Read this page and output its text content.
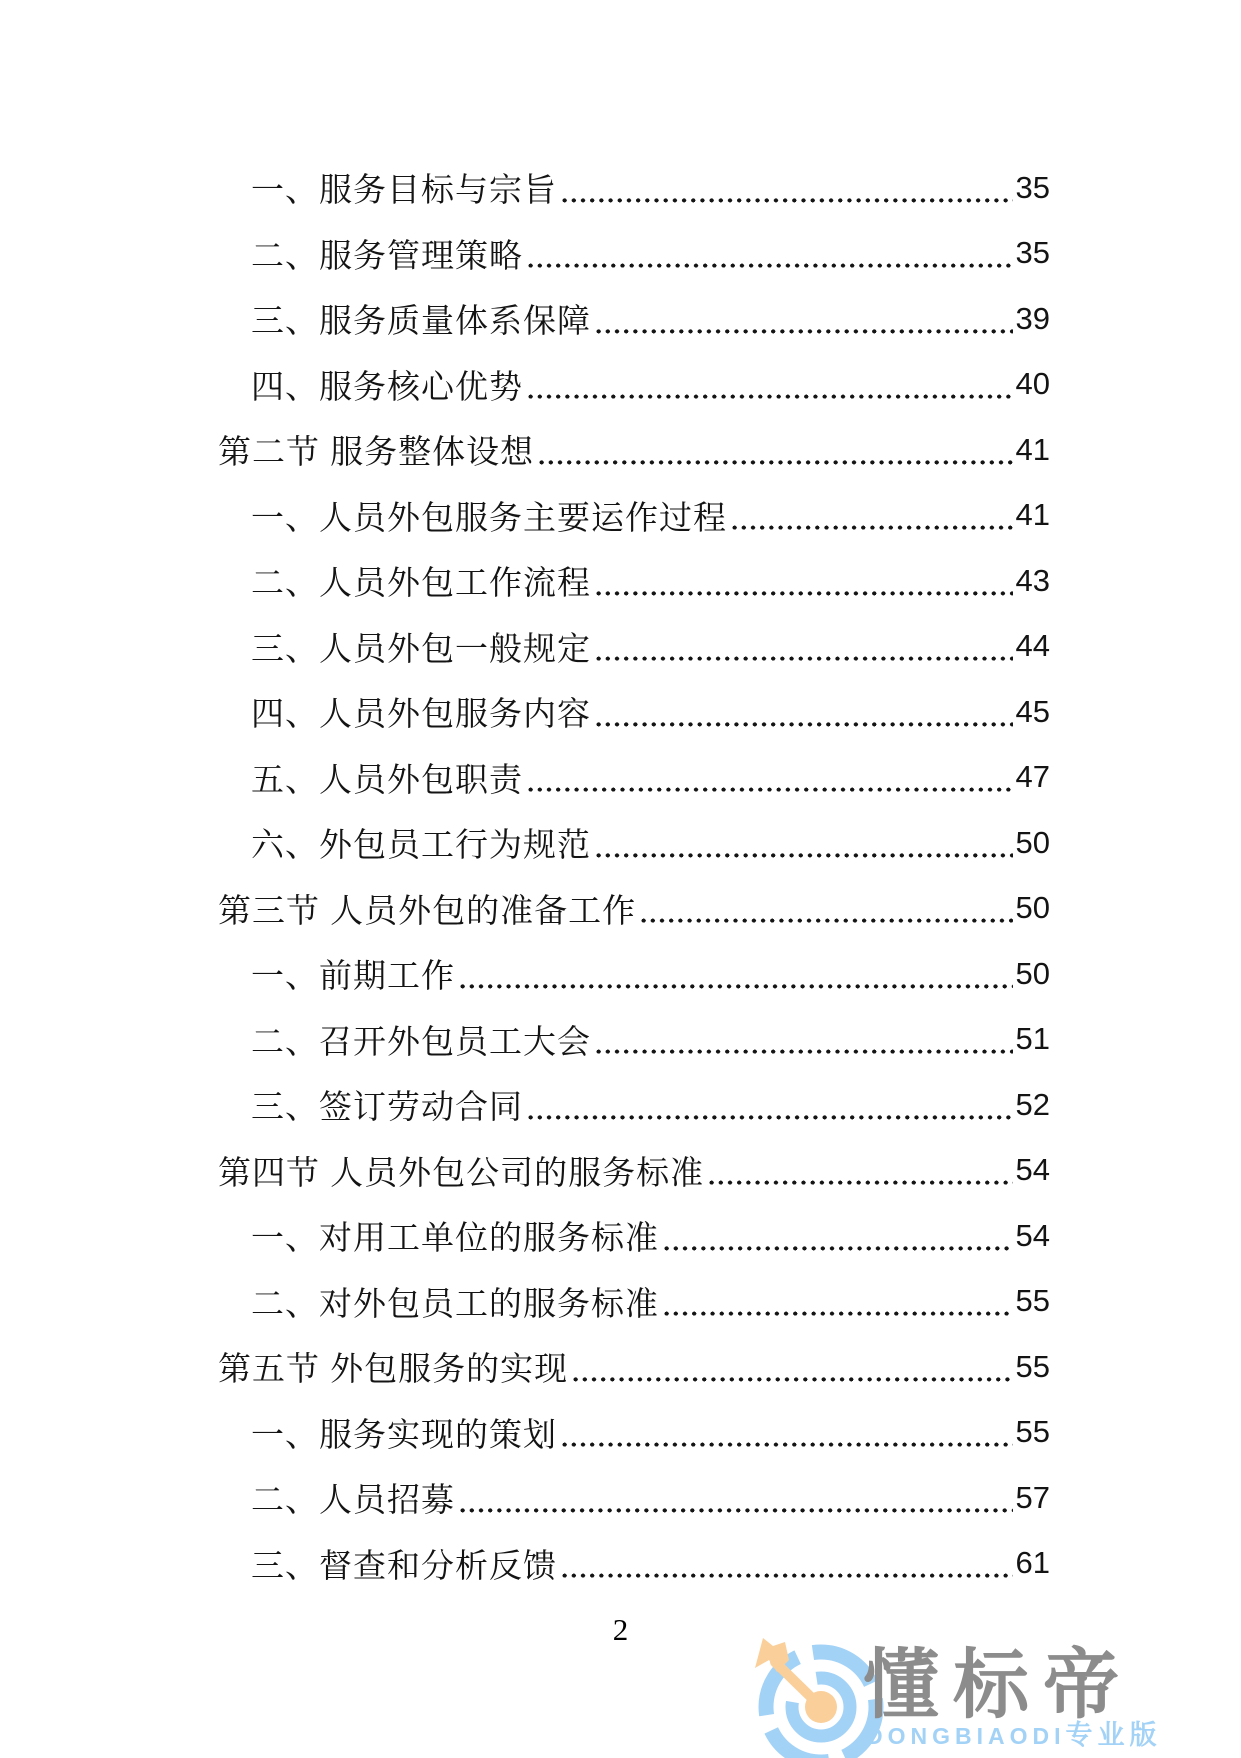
一、服务目标与宗旨	35
二、服务管理策略	35
三、服务质量体系保障	39
四、服务核心优势	40
第二节 服务整体设想	41
一、人员外包服务主要运作过程	41
二、人员外包工作流程	43
三、人员外包一般规定	44
四、人员外包服务内容	45
五、人员外包职责	47
六、外包员工行为规范	50
第三节 人员外包的准备工作	50
一、前期工作	50
二、召开外包员工大会	51
三、签订劳动合同	52
第四节 人员外包公司的服务标准	54
一、对用工单位的服务标准	54
二、对外包员工的服务标准	55
第五节 外包服务的实现	55
一、服务实现的策划	55
二、人员招募	57
三、督查和分析反馈	61
2
懂标帝
DONGBIAODI专业版
